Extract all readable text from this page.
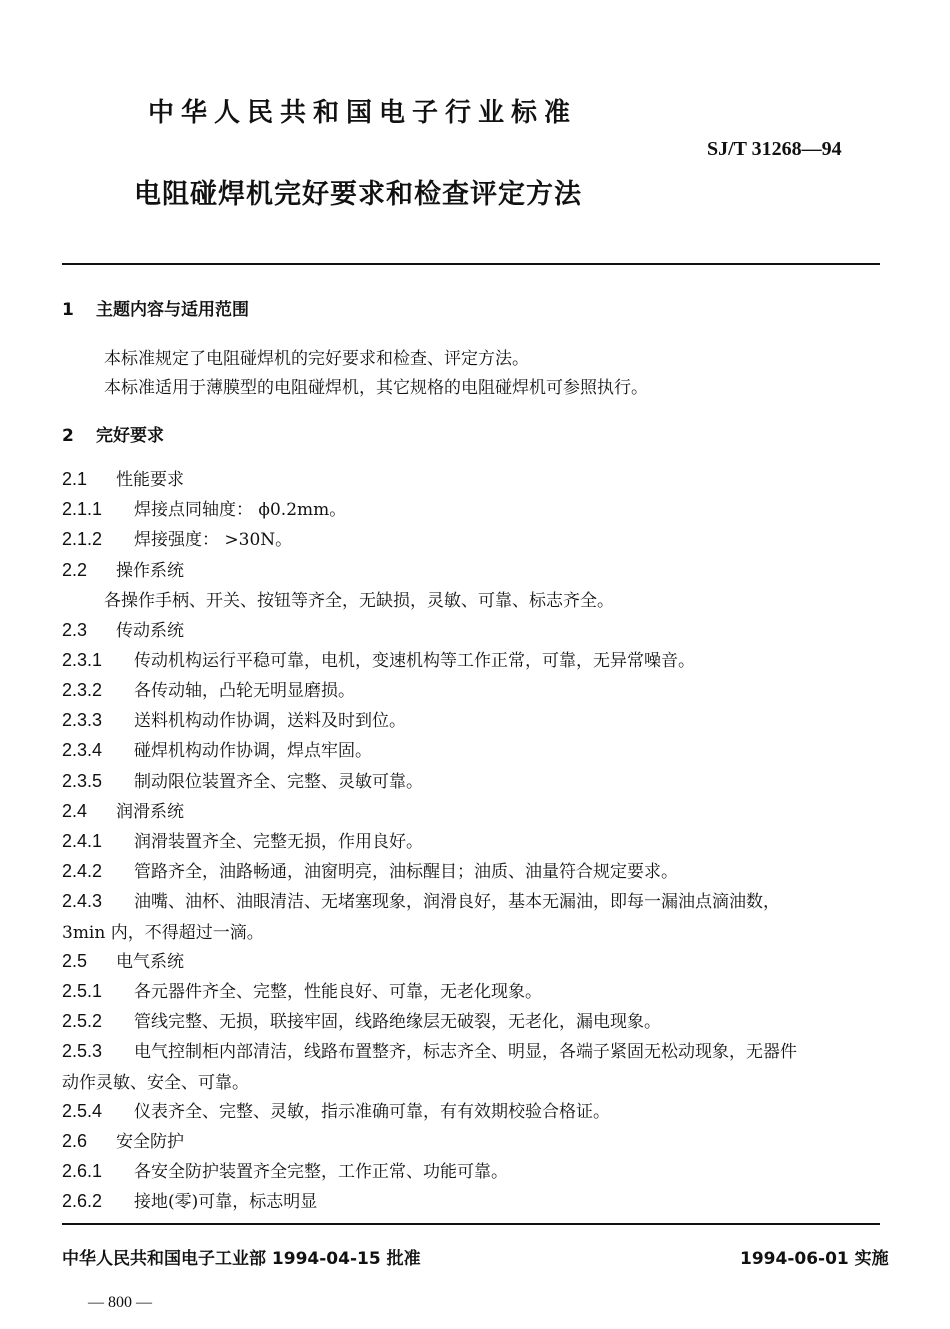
中华人民共和国电子行业标准
SJ/T 31268—94
电阻碰焊机完好要求和检查评定方法
1 主题内容与适用范围
本标准规定了电阻碰焊机的完好要求和检查、评定方法。
本标准适用于薄膜型的电阻碰焊机，其它规格的电阻碰焊机可参照执行。
2 完好要求
2.1 性能要求
2.1.1 焊接点同轴度： ϕ0.2mm。
2.1.2 焊接强度： >30N。
2.2 操作系统
各操作手柄、开关、按钮等齐全，无缺损，灵敏、可靠、标志齐全。
2.3 传动系统
2.3.1 传动机构运行平稳可靠，电机，变速机构等工作正常，可靠，无异常噪音。
2.3.2 各传动轴，凸轮无明显磨损。
2.3.3 送料机构动作协调，送料及时到位。
2.3.4 碰焊机构动作协调，焊点牢固。
2.3.5 制动限位装置齐全、完整、灵敏可靠。
2.4 润滑系统
2.4.1 润滑装置齐全、完整无损，作用良好。
2.4.2 管路齐全，油路畅通，油窗明亮，油标醒目；油质、油量符合规定要求。
2.4.3 油嘴、油杯、油眼清洁、无堵塞现象，润滑良好，基本无漏油，即每一漏油点滴油数，
3min 内，不得超过一滴。
2.5 电气系统
2.5.1 各元器件齐全、完整，性能良好、可靠，无老化现象。
2.5.2 管线完整、无损，联接牢固，线路绝缘层无破裂，无老化，漏电现象。
2.5.3 电气控制柜内部清洁，线路布置整齐，标志齐全、明显，各端子紧固无松动现象，无器件
动作灵敏、安全、可靠。
2.5.4 仪表齐全、完整、灵敏，指示准确可靠，有有效期校验合格证。
2.6 安全防护
2.6.1 各安全防护装置齐全完整，工作正常、功能可靠。
2.6.2 接地(零)可靠，标志明显
中华人民共和国电子工业部 1994-04-15 批准	1994-06-01 实施
— 800 —
